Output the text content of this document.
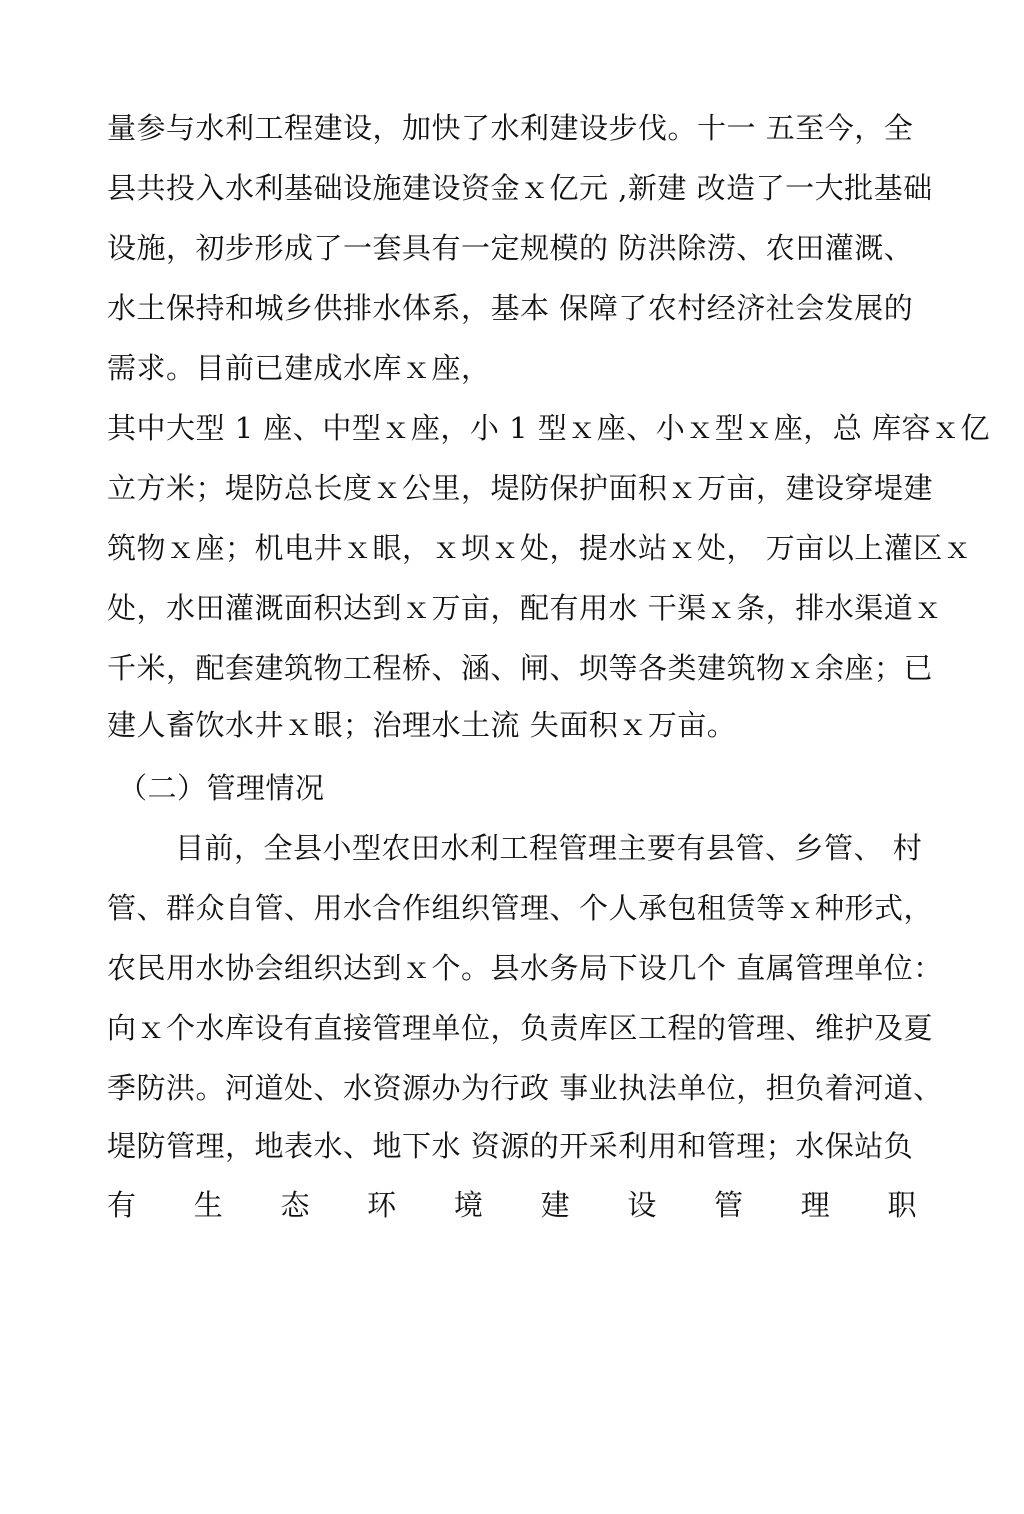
量参与水利工程建设，加快了水利建设步伐。十一 五至今，全
县共投入水利基础设施建设资金ｘ亿元 ,新建 改造了一大批基础
设施，初步形成了一套具有一定规模的 防洪除涝、农田灌溉、
水土保持和城乡供排水体系，基本 保障了农村经济社会发展的
需求。目前已建成水库ｘ座，
其中大型 1 座、中型ｘ座，小 1 型ｘ座、小ｘ型ｘ座，总 库容ｘ亿
立方米；堤防总长度ｘ公里，堤防保护面积ｘ万亩，建设穿堤建
筑物ｘ座；机电井ｘ眼，ｘ坝ｘ处，提水站ｘ处， 万亩以上灌区ｘ
处，水田灌溉面积达到ｘ万亩，配有用水 干渠ｘ条，排水渠道ｘ
千米，配套建筑物工程桥、涵、闸、坝等各类建筑物ｘ余座；已
建人畜饮水井ｘ眼；治理水土流 失面积ｘ万亩。
（二）管理情况
目前，全县小型农田水利工程管理主要有县管、乡管、 村
管、群众自管、用水合作组织管理、个人承包租赁等ｘ种形式，
农民用水协会组织达到ｘ个。县水务局下设几个 直属管理单位：
向ｘ个水库设有直接管理单位，负责库区工程的管理、维护及夏
季防洪。河道处、水资源办为行政 事业执法单位，担负着河道、
堤防管理，地表水、地下水 资源的开采利用和管理；水保站负
有 生 态 环 境 建 设 管 理 职
